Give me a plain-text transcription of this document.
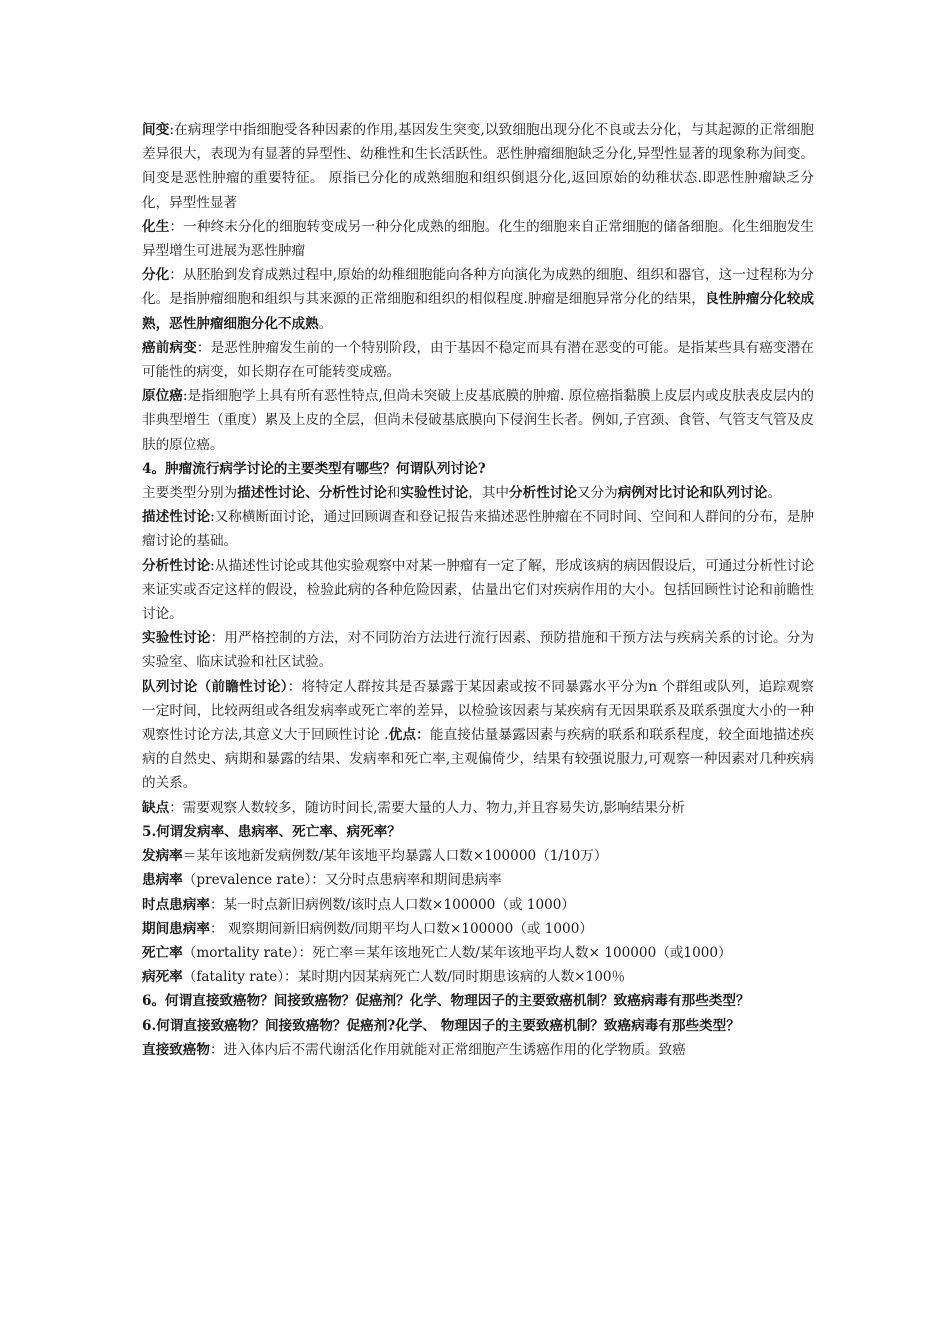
间变:在病理学中指细胞受各种因素的作用,基因发生突变,以致细胞出现分化不良或去分化，与其起源的正常细胞差异很大，表现为有显著的异型性、幼稚性和生长活跃性。恶性肿瘤细胞缺乏分化,异型性显著的现象称为间变。间变是恶性肿瘤的重要特征。 原指已分化的成熟细胞和组织倒退分化,返回原始的幼稚状态.即恶性肿瘤缺乏分化，异型性显著

化生：一种终末分化的细胞转变成另一种分化成熟的细胞。化生的细胞来自正常细胞的储备细胞。化生细胞发生异型增生可进展为恶性肿瘤

分化：从胚胎到发育成熟过程中,原始的幼稚细胞能向各种方向演化为成熟的细胞、组织和器官，这一过程称为分化。是指肿瘤细胞和组织与其来源的正常细胞和组织的相似程度.肿瘤是细胞异常分化的结果，良性肿瘤分化较成熟，恶性肿瘤细胞分化不成熟。

癌前病变：是恶性肿瘤发生前的一个特别阶段，由于基因不稳定而具有潜在恶变的可能。是指某些具有癌变潜在可能性的病变，如长期存在可能转变成癌。

原位癌:是指细胞学上具有所有恶性特点,但尚未突破上皮基底膜的肿瘤. 原位癌指黏膜上皮层内或皮肤表皮层内的非典型增生（重度）累及上皮的全层，但尚未侵破基底膜向下侵润生长者。例如,子宫颈、食管、气管支气管及皮肤的原位癌。

4。肿瘤流行病学讨论的主要类型有哪些？何谓队列讨论?

主要类型分别为描述性讨论、分析性讨论和实验性讨论，其中分析性讨论又分为病例对比讨论和队列讨论。

描述性讨论:又称横断面讨论，通过回顾调查和登记报告来描述恶性肿瘤在不同时间、空间和人群间的分布，是肿瘤讨论的基础。

分析性讨论:从描述性讨论或其他实验观察中对某一肿瘤有一定了解，形成该病的病因假设后，可通过分析性讨论来证实或否定这样的假设，检验此病的各种危险因素，估量出它们对疾病作用的大小。包括回顾性讨论和前瞻性讨论。

实验性讨论：用严格控制的方法，对不同防治方法进行流行因素、预防措施和干预方法与疾病关系的讨论。分为实验室、临床试验和社区试验。

队列讨论（前瞻性讨论）：将特定人群按其是否暴露于某因素或按不同暴露水平分为n 个群组或队列，追踪观察一定时间，比较两组或各组发病率或死亡率的差异，以检验该因素与某疾病有无因果联系及联系强度大小的一种观察性讨论方法,其意义大于回顾性讨论 .优点：能直接估量暴露因素与疾病的联系和联系程度，较全面地描述疾病的自然史、病期和暴露的结果、发病率和死亡率,主观偏倚少，结果有较强说服力,可观察一种因素对几种疾病的关系。

缺点：需要观察人数较多，随访时间长,需要大量的人力、物力,并且容易失访,影响结果分析

5.何谓发病率、患病率、死亡率、病死率？

发病率＝某年该地新发病例数/某年该地平均暴露人口数×100000（1/10万）

患病率（prevalence rate）：又分时点患病率和期间患病率

时点患病率：某一时点新旧病例数/该时点人口数×100000（或 1000）

期间患病率： 观察期间新旧病例数/同期平均人口数×100000（或 1000）

死亡率（mortality rate）：死亡率＝某年该地死亡人数/某年该地平均人数× 100000（或1000）

病死率（fatality rate）：某时期内因某病死亡人数/同时期患该病的人数×100％

6。何谓直接致癌物？间接致癌物？促癌剂？化学、物理因子的主要致癌机制？致癌病毒有那些类型？

6.何谓直接致癌物？间接致癌物？促癌剂?化学、 物理因子的主要致癌机制？致癌病毒有那些类型？

直接致癌物：进入体内后不需代谢活化作用就能对正常细胞产生诱癌作用的化学物质。致癌
